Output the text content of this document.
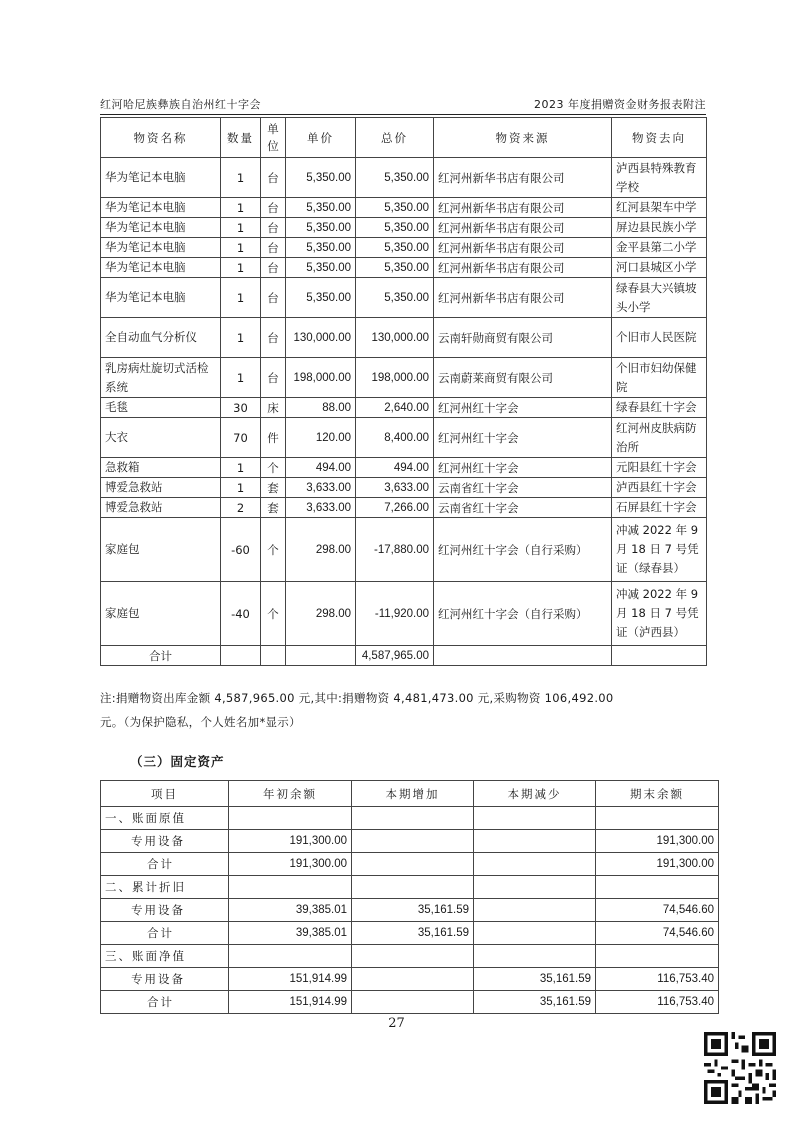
红河哈尼族彝族自治州红十字会	2023 年度捐赠资金财务报表附注
物资名称	数量	单位	单价	总价	物资来源	物资去向
华为笔记本电脑	1	台	5,350.00	5,350.00	红河州新华书店有限公司	泸西县特殊教育学校
华为笔记本电脑	1	台	5,350.00	5,350.00	红河州新华书店有限公司	红河县架车中学
华为笔记本电脑	1	台	5,350.00	5,350.00	红河州新华书店有限公司	屏边县民族小学
华为笔记本电脑	1	台	5,350.00	5,350.00	红河州新华书店有限公司	金平县第二小学
华为笔记本电脑	1	台	5,350.00	5,350.00	红河州新华书店有限公司	河口县城区小学
华为笔记本电脑	1	台	5,350.00	5,350.00	红河州新华书店有限公司	绿春县大兴镇坡头小学
全自动血气分析仪	1	台	130,000.00	130,000.00	云南轩勋商贸有限公司	个旧市人民医院
乳房病灶旋切式活检系统	1	台	198,000.00	198,000.00	云南蔚莱商贸有限公司	个旧市妇幼保健院
毛毯	30	床	88.00	2,640.00	红河州红十字会	绿春县红十字会
大衣	70	件	120.00	8,400.00	红河州红十字会	红河州皮肤病防治所
急救箱	1	个	494.00	494.00	红河州红十字会	元阳县红十字会
博爱急救站	1	套	3,633.00	3,633.00	云南省红十字会	泸西县红十字会
博爱急救站	2	套	3,633.00	7,266.00	云南省红十字会	石屏县红十字会
家庭包	-60	个	298.00	-17,880.00	红河州红十字会（自行采购）	冲减 2022 年 9 月 18 日 7 号凭证（绿春县）
家庭包	-40	个	298.00	-11,920.00	红河州红十字会（自行采购）	冲减 2022 年 9 月 18 日 7 号凭证（泸西县）
合计				4,587,965.00		
注:捐赠物资出库金额 4,587,965.00 元,其中:捐赠物资 4,481,473.00 元,采购物资 106,492.00
元。（为保护隐私，个人姓名加*显示）
（三）固定资产
项目	年初余额	本期增加	本期减少	期末余额
一、账面原值				
专用设备	191,300.00			191,300.00
合计	191,300.00			191,300.00
二、累计折旧				
专用设备	39,385.01	35,161.59		74,546.60
合计	39,385.01	35,161.59		74,546.60
三、账面净值				
专用设备	151,914.99		35,161.59	116,753.40
合计	151,914.99		35,161.59	116,753.40
27
